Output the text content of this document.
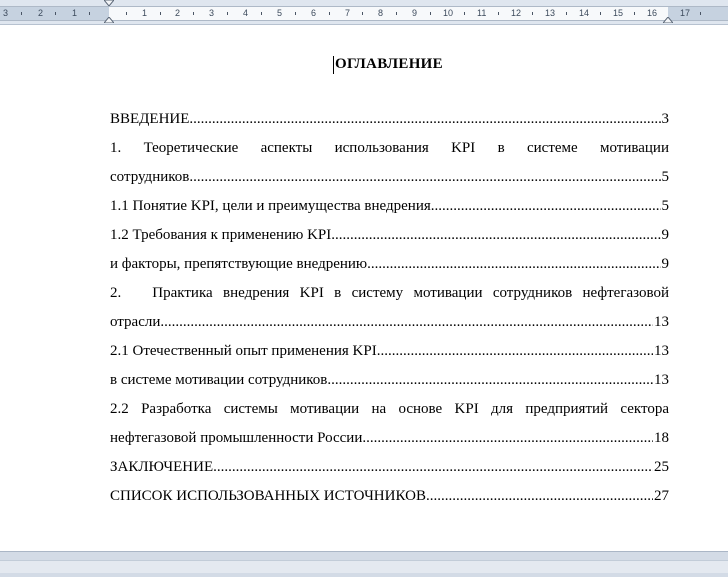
3	2	1	1	2	3	4	5	6	7	8	9	10	11	12	13	14	15	16	17
ОГЛАВЛЕНИЕ
ВВЕДЕНИЕ .....	3
1. Теоретические аспекты использования KPI в системе мотивации
сотрудников .....	5
1.1 Понятие KPI, цели и преимущества внедрения .....	5
1.2 Требования к применению KPI .....	9
и факторы, препятствующие внедрению .....	9
2.   Практика внедрения KPI в систему мотивации сотрудников нефтегазовой
отрасли .....	13
2.1 Отечественный опыт применения KPI .....	13
в системе мотивации сотрудников .....	13
2.2 Разработка системы мотивации на основе KPI для предприятий сектора
нефтегазовой промышленности России .....	18
ЗАКЛЮЧЕНИЕ .....	25
СПИСОК ИСПОЛЬЗОВАННЫХ ИСТОЧНИКОВ .....	27
